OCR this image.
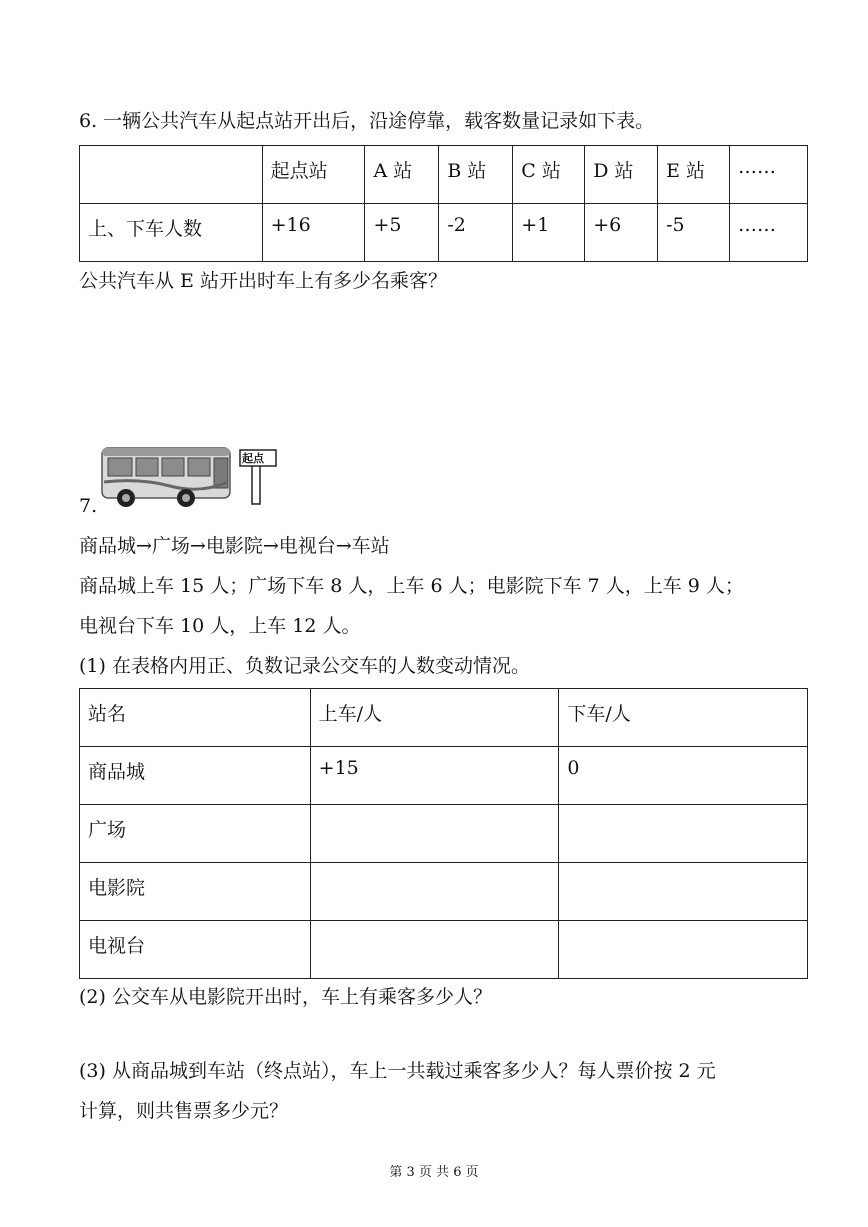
6. 一辆公共汽车从起点站开出后，沿途停靠，载客数量记录如下表。
	起点站	A 站	B 站	C 站	D 站	E 站	……
上、下车人数	+16	+5	-2	+1	+6	-5	……
公共汽车从 E 站开出时车上有多少名乘客？
起点
7.
商品城→广场→电影院→电视台→车站
商品城上车 15 人；广场下车 8 人，上车 6 人；电影院下车 7 人，上车 9 人；
电视台下车 10 人，上车 12 人。
(1) 在表格内用正、负数记录公交车的人数变动情况。
站名	上车/人	下车/人
商品城	+15	0
广场		
电影院		
电视台		
(2) 公交车从电影院开出时，车上有乘客多少人？
(3) 从商品城到车站（终点站），车上一共载过乘客多少人？每人票价按 2 元
计算，则共售票多少元？
第 3 页 共 6 页
